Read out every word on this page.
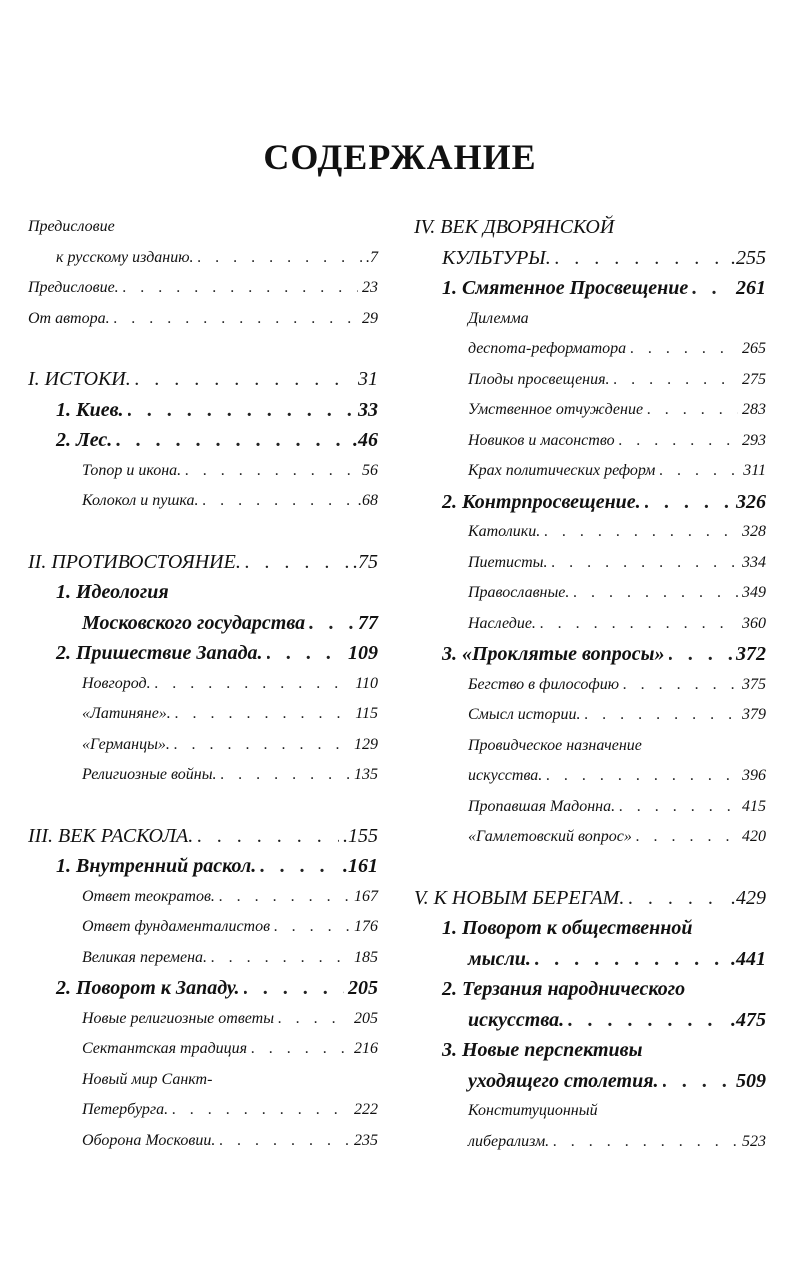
СОДЕРЖАНИЕ
Предисловие
к русскому изданию. . . .	.7
Предисловие. . . .	23
От автора. . . .	29
I. ИСТОКИ. . . .	31
1. Киев. . . .	33
2. Лес. . . .	.46
Топор и икона. . . .	56
Колокол и пушка. . . .	.68
II. ПРОТИВОСТОЯНИЕ. . . .	.75
1. Идеология
Московского государства . . .	77
2. Пришествие Запада. . . .	109
Новгород. . . .	110
«Латиняне». . . .	115
«Германцы». . . .	129
Религиозные войны. . . .	135
III. ВЕК РАСКОЛА. . . .	.155
1. Внутренний раскол. . . .	.161
Ответ теократов. . . .	167
Ответ фундаменталистов . . .	176
Великая перемена. . . .	185
2. Поворот к Западу. . . .	205
Новые религиозные ответы . . .	205
Сектантская традиция . . .	216
Новый мир Санкт-
Петербурга. . . .	222
Оборона Московии. . . .	235
IV. ВЕК ДВОРЯНСКОЙ
КУЛЬТУРЫ. . . .	.255
1. Смятенное Просвещение . . . 261
Дилемма
деспота-реформатора . . .	265
Плоды просвещения. . . .	275
Умственное отчуждение . . .	283
Новиков и масонство . . .	293
Крах политических реформ . . .	311
2. Контрпросвещение. . . .	326
Католики. . . .	328
Пиетисты. . . .	334
Православные. . . .	349
Наследие. . . .	360
3. «Проклятые вопросы» . . .	372
Бегство в философию . . .	375
Смысл истории. . . .	379
Провидческое назначение
искусства. . . .	396
Пропавшая Мадонна. . . .	415
«Гамлетовский вопрос» . . .	420
V. К НОВЫМ БЕРЕГАМ. . . .	.429
1. Поворот к общественной
мысли. . . .	.441
2. Терзания народнического
искусства. . . .	.475
3. Новые перспективы
уходящего столетия. . . .	509
Конституционный
либерализм. . . .	523
